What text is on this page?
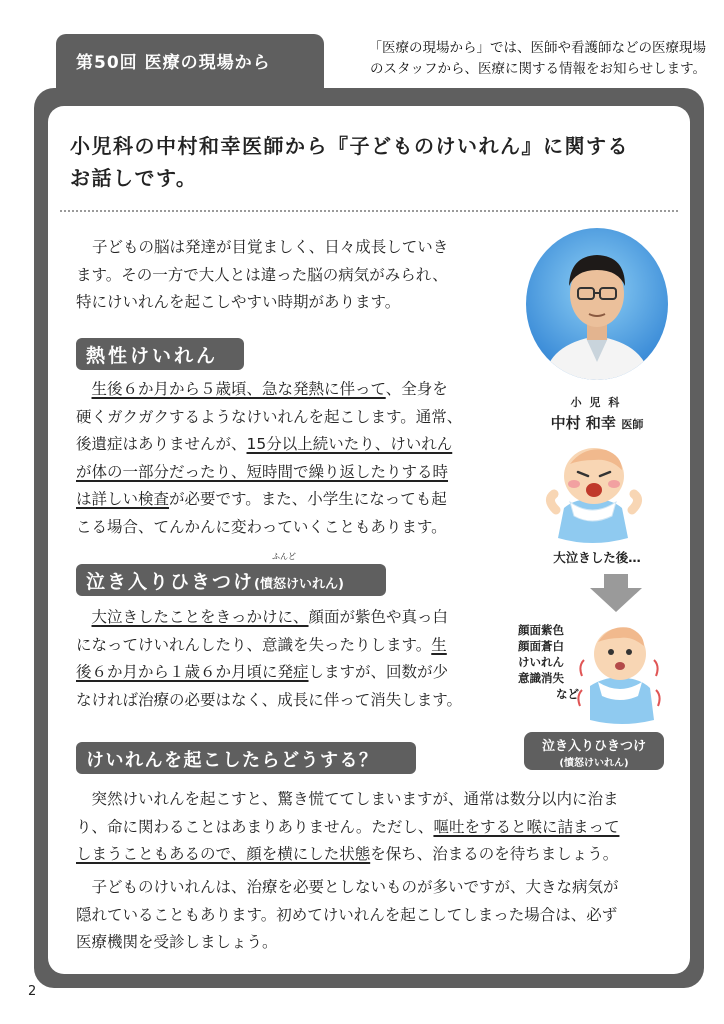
第50回 医療の現場から
「医療の現場から」では、医師や看護師などの医療現場
のスタッフから、医療に関する情報をお知らせします。
小児科の中村和幸医師から『子どものけいれん』に関する
お話しです。
子どもの脳は発達が目覚ましく、日々成長していき
ます。その一方で大人とは違った脳の病気がみられ、
特にけいれんを起こしやすい時期があります。
熱性けいれん
　生後６か月から５歳頃、急な発熱に伴って、全身を
硬くガクガクするようなけいれんを起こします。通常、
後遺症はありませんが、15分以上続いたり、けいれん
が体の一部分だったり、短時間で繰り返したりする時
は詳しい検査が必要です。また、小学生になっても起
こる場合、てんかんに変わっていくこともあります。
泣き入りひきつけ(憤怒けいれん)
ふんど
　大泣きしたことをきっかけに、顔面が紫色や真っ白
になってけいれんしたり、意識を失ったりします。生
後６か月から１歳６か月頃に発症しますが、回数が少
なければ治療の必要はなく、成長に伴って消失します。
けいれんを起こしたらどうする？
　突然けいれんを起こすと、驚き慌ててしまいますが、通常は数分以内に治ま
り、命に関わることはあまりありません。ただし、嘔吐をすると喉に詰まって
しまうこともあるので、顔を横にした状態を保ち、治まるのを待ちましょう。
　子どものけいれんは、治療を必要としないものが多いですが、大きな病気が
隠れていることもあります。初めてけいれんを起こしてしまった場合は、必ず
医療機関を受診しましょう。
小 児 科
中村 和幸 医師
大泣きした後…
顔面紫色
顔面蒼白
けいれん
意識消失
など
泣き入りひきつけ
(憤怒けいれん)
2
